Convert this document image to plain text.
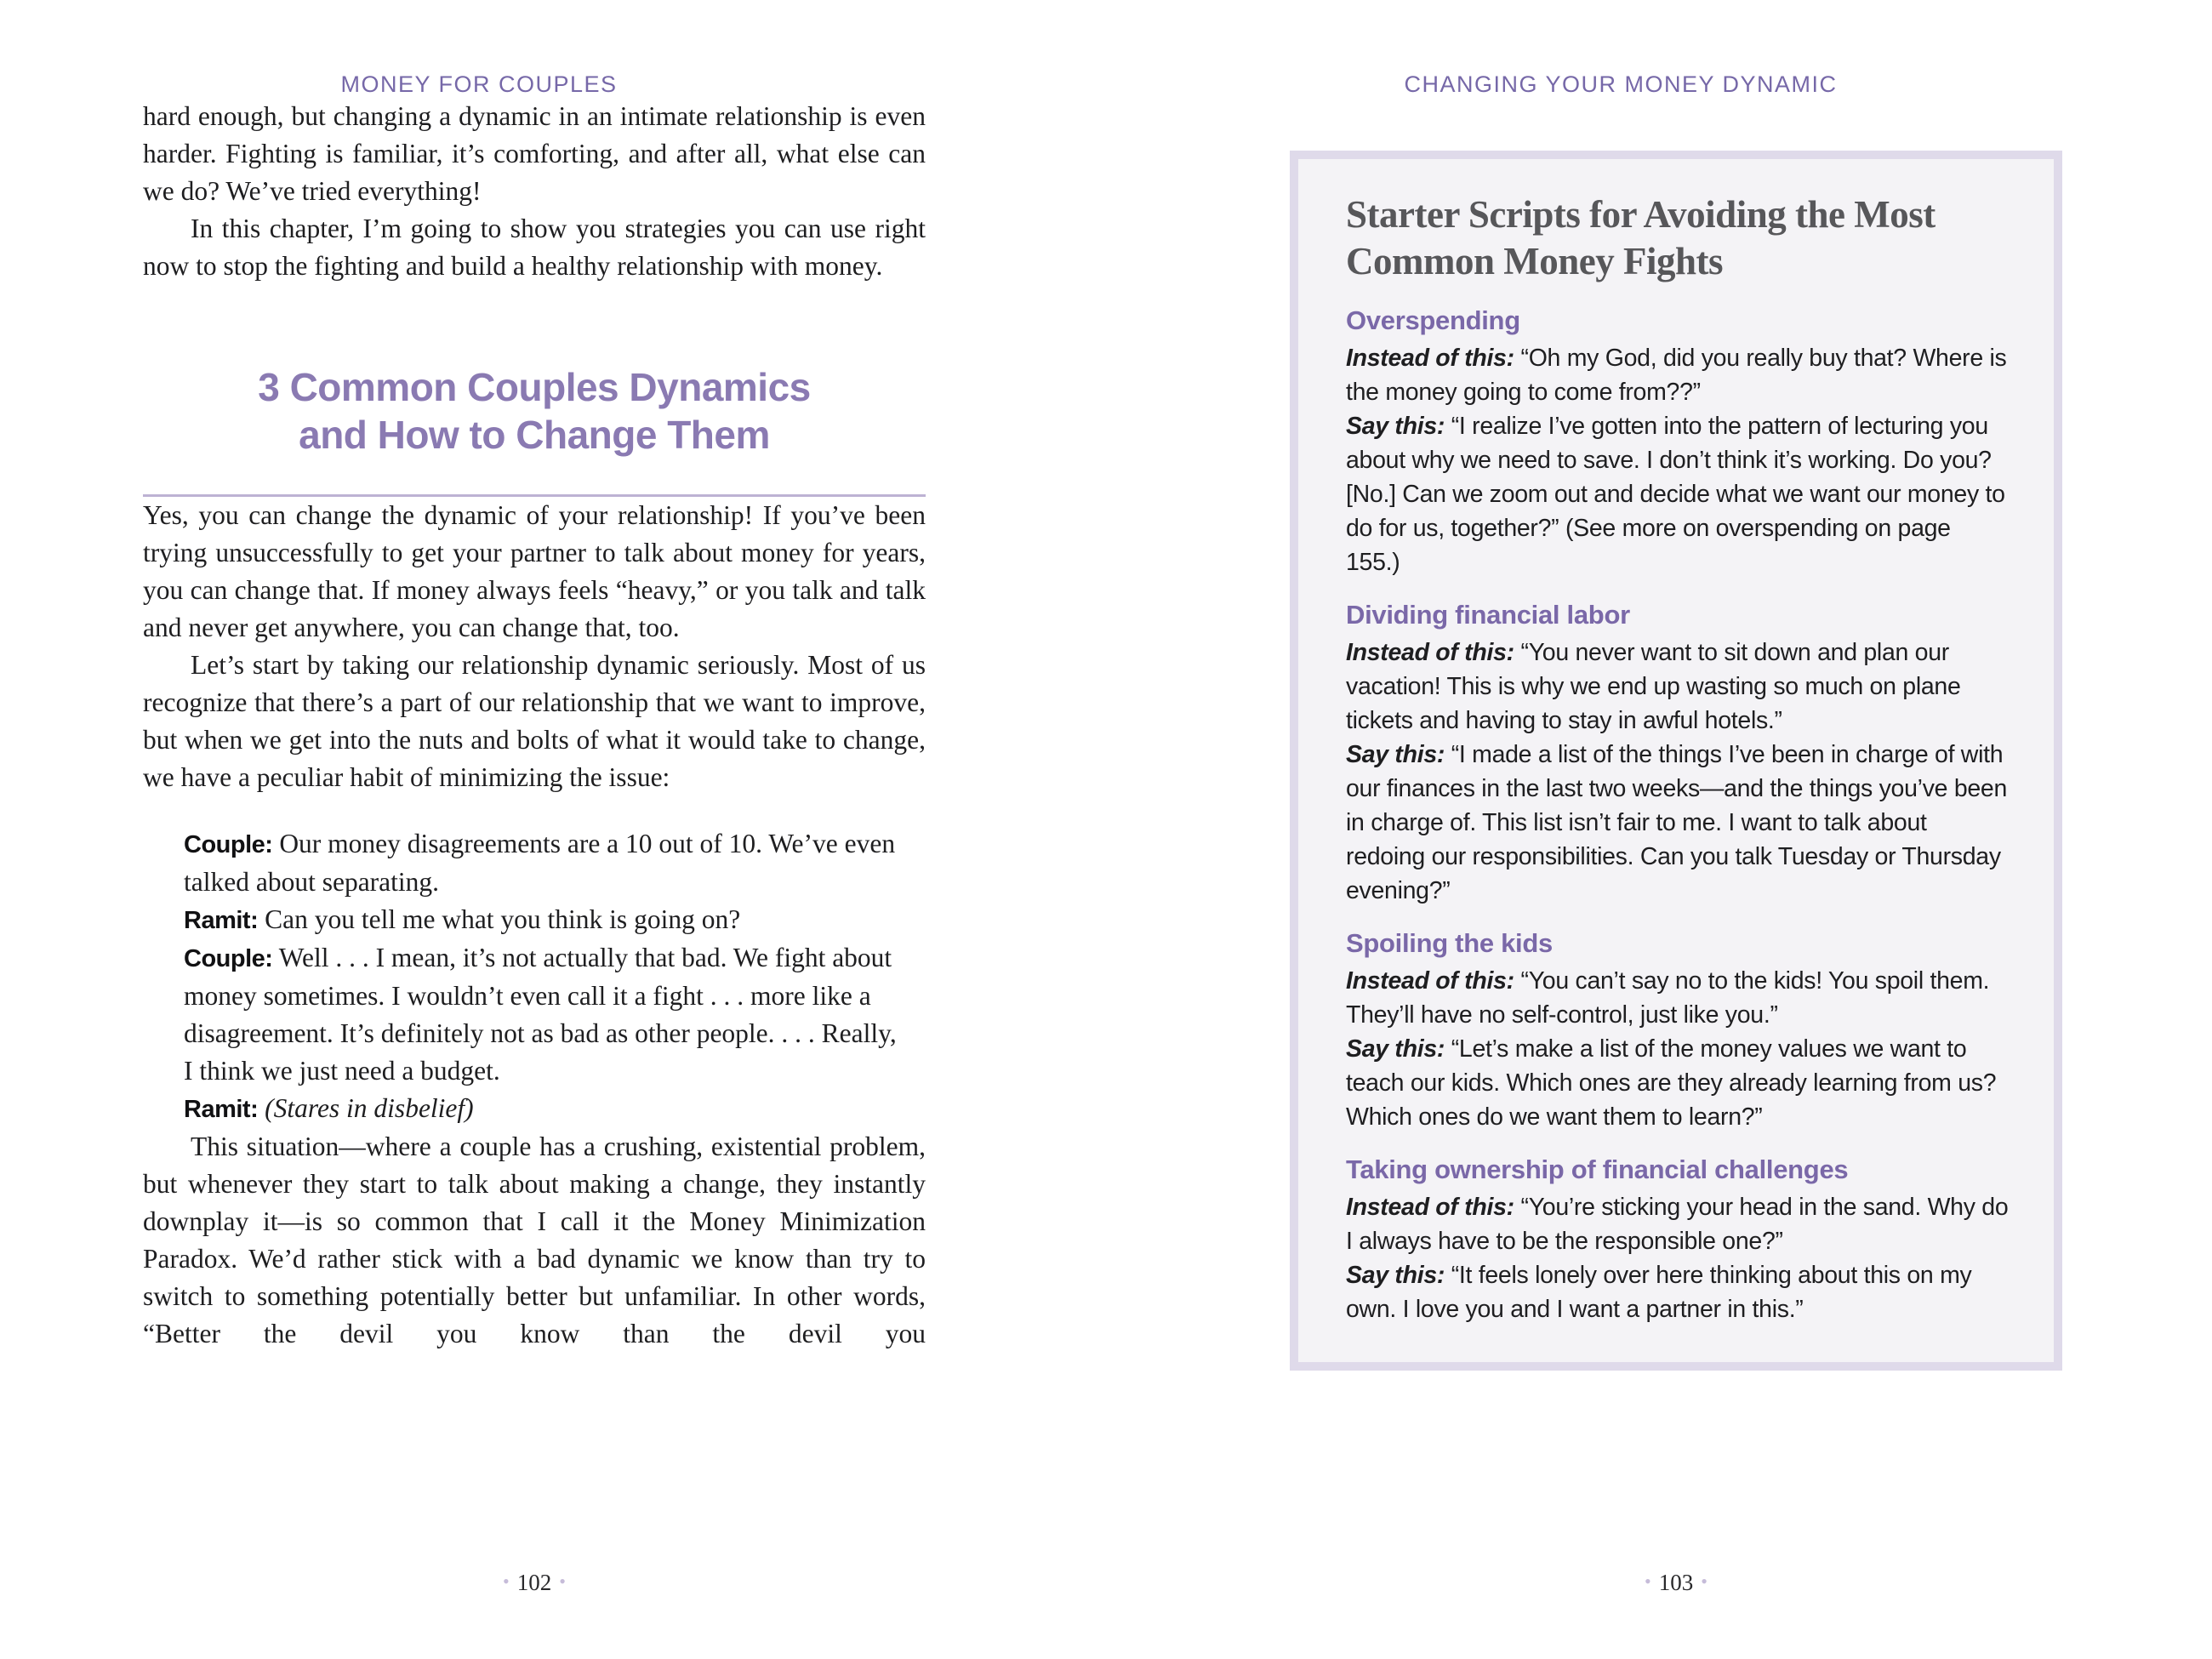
MONEY FOR COUPLES

hard enough, but changing a dynamic in an intimate relationship is even harder. Fighting is familiar, it’s comforting, and after all, what else can we do? We’ve tried everything!

In this chapter, I’m going to show you strategies you can use right now to stop the fighting and build a healthy relationship with money.

3 Common Couples Dynamics
and How to Change Them

Yes, you can change the dynamic of your relationship! If you’ve been trying unsuccessfully to get your partner to talk about money for years, you can change that. If money always feels “heavy,” or you talk and talk and never get anywhere, you can change that, too.

Let’s start by taking our relationship dynamic seriously. Most of us recognize that there’s a part of our relationship that we want to improve, but when we get into the nuts and bolts of what it would take to change, we have a peculiar habit of minimizing the issue:

Couple: Our money disagreements are a 10 out of 10. We’ve even talked about separating.

Ramit: Can you tell me what you think is going on?

Couple: Well . . . I mean, it’s not actually that bad. We fight about money sometimes. I wouldn’t even call it a fight . . . more like a disagreement. It’s definitely not as bad as other people. . . . Really, I think we just need a budget.

Ramit: (Stares in disbelief)

This situation—where a couple has a crushing, existential problem, but whenever they start to talk about making a change, they instantly downplay it—is so common that I call it the Money Minimization Paradox. We’d rather stick with a bad dynamic we know than try to switch to something potentially better but unfamiliar. In other words, “Better the devil you know than the devil you

• 102 •
CHANGING YOUR MONEY DYNAMIC
Starter Scripts for Avoiding the Most Common Money Fights
Overspending

Instead of this: “Oh my God, did you really buy that? Where is the money going to come from??”

Say this: “I realize I’ve gotten into the pattern of lecturing you about why we need to save. I don’t think it’s working. Do you? [No.] Can we zoom out and decide what we want our money to do for us, together?” (See more on overspending on page 155.)

Dividing financial labor

Instead of this: “You never want to sit down and plan our vacation! This is why we end up wasting so much on plane tickets and having to stay in awful hotels.”

Say this: “I made a list of the things I’ve been in charge of with our finances in the last two weeks—and the things you’ve been in charge of. This list isn’t fair to me. I want to talk about redoing our responsibilities. Can you talk Tuesday or Thursday evening?”

Spoiling the kids

Instead of this: “You can’t say no to the kids! You spoil them. They’ll have no self-control, just like you.”

Say this: “Let’s make a list of the money values we want to teach our kids. Which ones are they already learning from us? Which ones do we want them to learn?”

Taking ownership of financial challenges

Instead of this: “You’re sticking your head in the sand. Why do I always have to be the responsible one?”

Say this: “It feels lonely over here thinking about this on my own. I love you and I want a partner in this.”

• 103 •
